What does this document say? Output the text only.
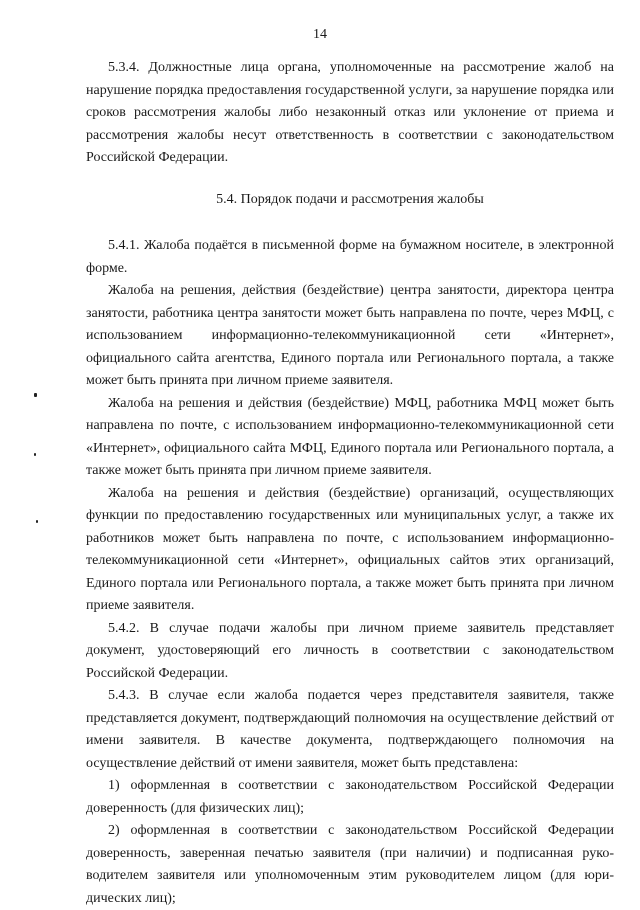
14

5.3.4. Должностные лица органа, уполномоченные на рассмотрение жалоб на нарушение порядка предоставления государственной услуги, за нарушение порядка или сроков рассмотрения жалобы либо незаконный отказ или уклонение от приема и рассмотрения жалобы несут ответственность в соответствии с законодательством Российской Федерации.

5.4. Порядок подачи и рассмотрения жалобы

5.4.1. Жалоба подаётся в письменной форме на бумажном носителе, в электронной форме.

Жалоба на решения, действия (бездействие) центра занятости, директора центра занятости, работника центра занятости может быть направлена по почте, через МФЦ, с использованием информационно-телекоммуникационной сети «Интернет», официального сайта агентства, Единого портала или Регионального портала, а также может быть принята при личном приеме заявителя.

Жалоба на решения и действия (бездействие) МФЦ, работника МФЦ может быть направлена по почте, с использованием информационно-телекоммуникационной сети «Интернет», официального сайта МФЦ, Единого портала или Регионального портала, а также может быть принята при личном приеме заявителя.

Жалоба на решения и действия (бездействие) организаций, осуществляющих функции по предоставлению государственных или муниципальных услуг, а также их работников может быть направлена по почте, с использованием информационно-телекоммуникационной сети «Интернет», официальных сайтов этих организаций, Единого портала или Регионального портала, а также может быть принята при личном приеме заявителя.

5.4.2. В случае подачи жалобы при личном приеме заявитель представляет документ, удостоверяющий его личность в соответствии с законодательством Российской Федерации.

5.4.3. В случае если жалоба подается через представителя заявителя, также представляется документ, подтверждающий полномочия на осуществление действий от имени заявителя. В качестве документа, подтверждающего полномочия на осуществление действий от имени заявителя, может быть представлена:

1) оформленная в соответствии с законодательством Российской Федерации доверенность (для физических лиц);

2) оформленная в соответствии с законодательством Российской Федерации доверенность, заверенная печатью заявителя (при наличии) и подписанная руководителем заявителя или уполномоченным этим руководителем лицом (для юридических лиц);
